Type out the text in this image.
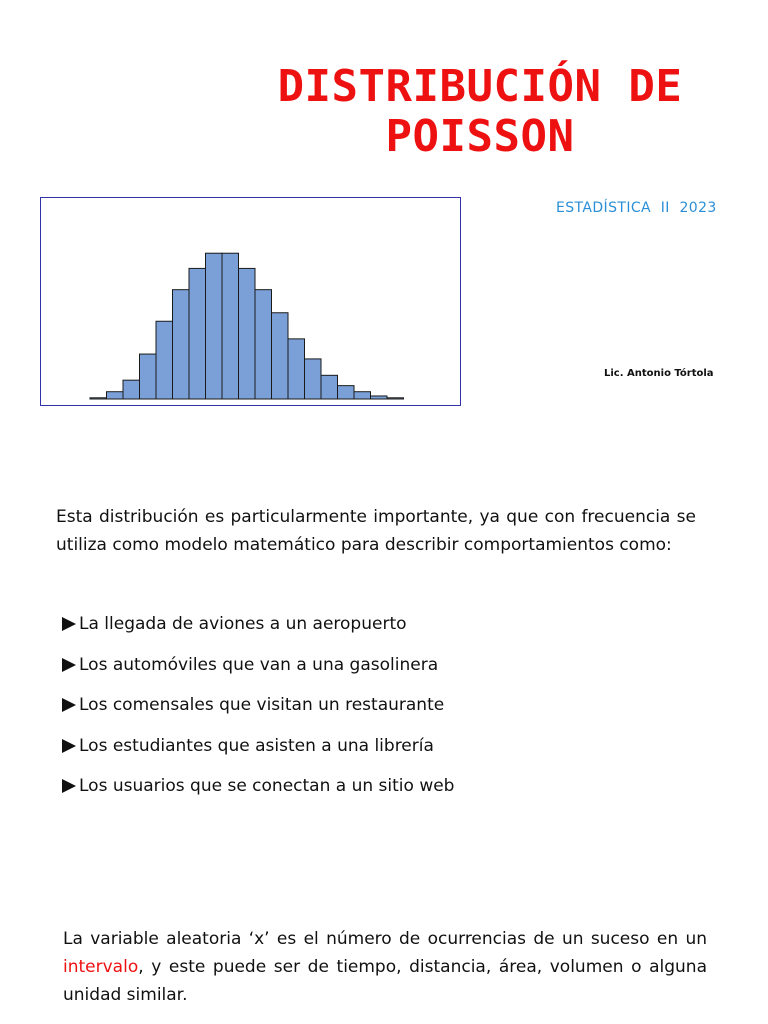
DISTRIBUCIÓN DE
POISSON
ESTADÍSTICA  II  2023
Lic. Antonio Tórtola

Esta distribución es particularmente importante, ya que con frecuencia se utiliza como modelo matemático para describir comportamientos como:

La llegada de aviones a un aeropuerto
Los automóviles que van a una gasolinera
Los comensales que visitan un restaurante
Los estudiantes que asisten a una librería
Los usuarios que se conectan a un sitio web

La variable aleatoria ‘x’ es el número de ocurrencias de un suceso en un intervalo, y este puede ser de tiempo, distancia, área, volumen o alguna unidad similar.
